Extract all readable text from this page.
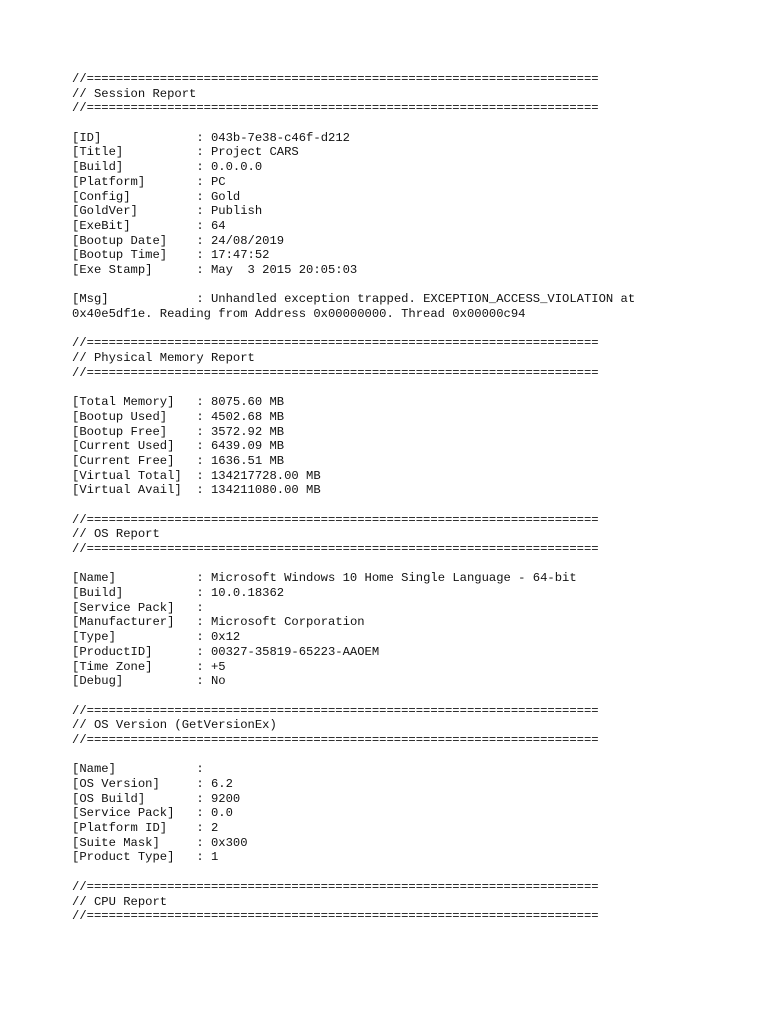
//======================================================================
// Session Report
//======================================================================
[ID]             : 043b-7e38-c46f-d212
[Title]          : Project CARS
[Build]          : 0.0.0.0
[Platform]       : PC
[Config]         : Gold
[GoldVer]        : Publish
[ExeBit]         : 64
[Bootup Date]    : 24/08/2019
[Bootup Time]    : 17:47:52
[Exe Stamp]      : May  3 2015 20:05:03
[Msg]            : Unhandled exception trapped. EXCEPTION_ACCESS_VIOLATION at
0x40e5df1e. Reading from Address 0x00000000. Thread 0x00000c94
//======================================================================
// Physical Memory Report
//======================================================================
[Total Memory]   : 8075.60 MB
[Bootup Used]    : 4502.68 MB
[Bootup Free]    : 3572.92 MB
[Current Used]   : 6439.09 MB
[Current Free]   : 1636.51 MB
[Virtual Total]  : 134217728.00 MB
[Virtual Avail]  : 134211080.00 MB
//======================================================================
// OS Report
//======================================================================
[Name]           : Microsoft Windows 10 Home Single Language - 64-bit
[Build]          : 10.0.18362
[Service Pack]   :
[Manufacturer]   : Microsoft Corporation
[Type]           : 0x12
[ProductID]      : 00327-35819-65223-AAOEM
[Time Zone]      : +5
[Debug]          : No
//======================================================================
// OS Version (GetVersionEx)
//======================================================================
[Name]           :
[OS Version]     : 6.2
[OS Build]       : 9200
[Service Pack]   : 0.0
[Platform ID]    : 2
[Suite Mask]     : 0x300
[Product Type]   : 1
//======================================================================
// CPU Report
//======================================================================
